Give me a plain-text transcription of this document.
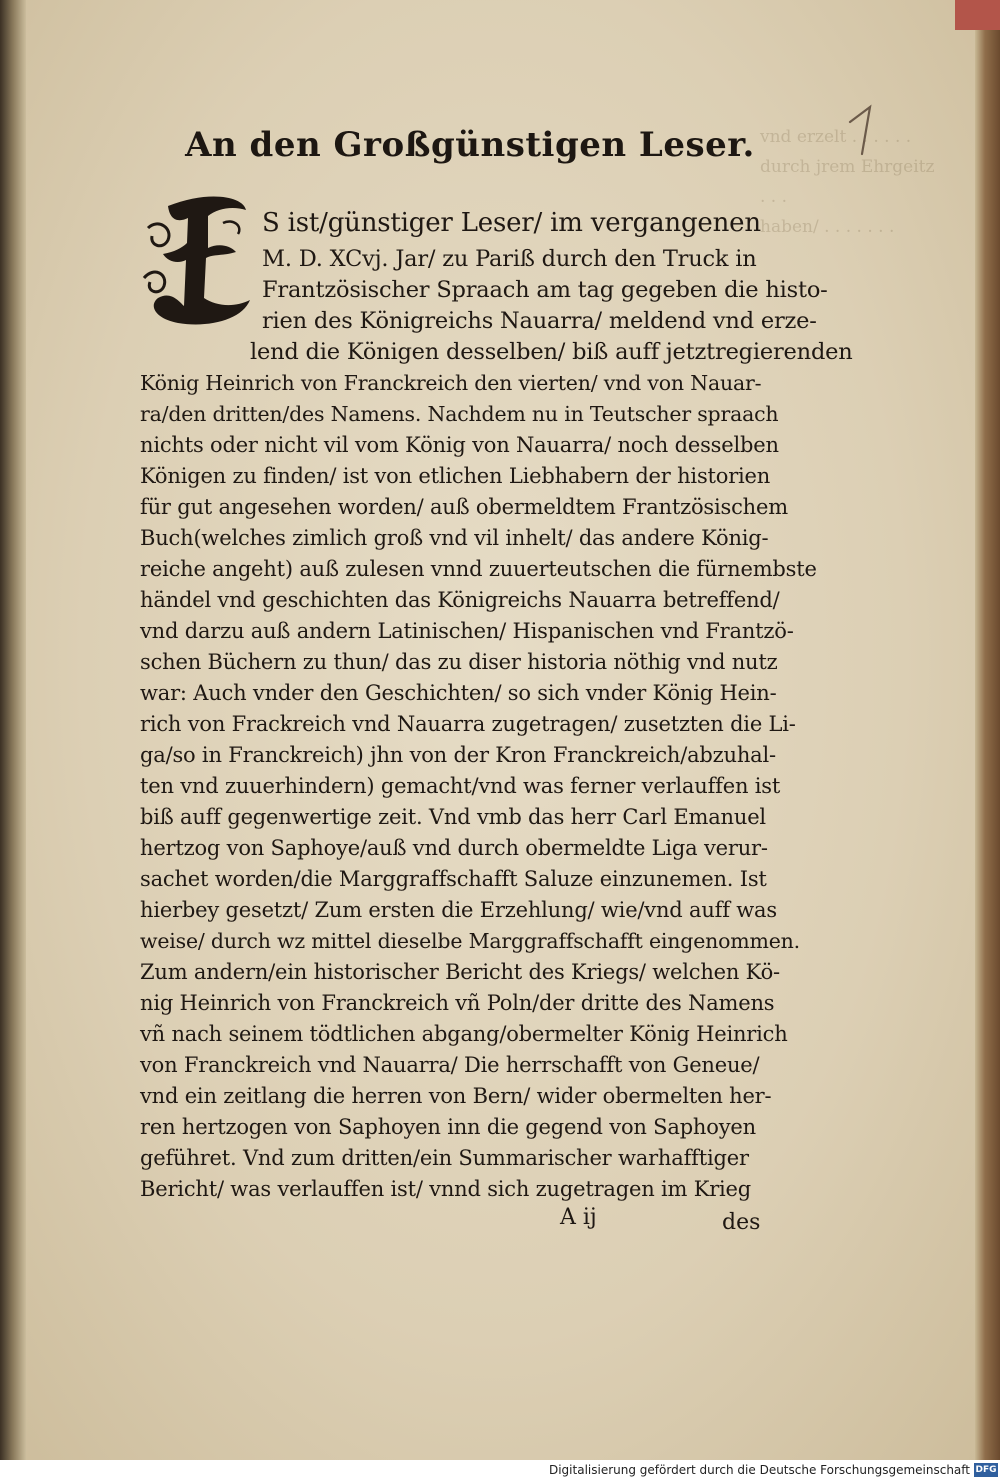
vnd erzelt . . . . . .
durch jrem Ehrgeitz . . .
haben/ . . . . . . .
1
An den Großgünstigen Leser.
E
S ist/günstiger Leser/ im vergangenen
M. D. XCvj. Jar/ zu Pariß durch den Truck in
Frantzösischer Spraach am tag gegeben die histo-
rien des Königreichs Nauarra/ meldend vnd erze-
lend die Königen desselben/ biß auff jetztregierenden
König Heinrich von Franckreich den vierten/ vnd von Nauar-
ra/den dritten/des Namens. Nachdem nu in Teutscher spraach
nichts oder nicht vil vom König von Nauarra/ noch desselben
Königen zu finden/ ist von etlichen Liebhabern der historien
für gut angesehen worden/ auß obermeldtem Frantzösischem
Buch(welches zimlich groß vnd vil inhelt/ das andere König-
reiche angeht) auß zulesen vnnd zuuerteutschen die fürnembste
händel vnd geschichten das Königreichs Nauarra betreffend/
vnd darzu auß andern Latinischen/ Hispanischen vnd Frantzö-
schen Büchern zu thun/ das zu diser historia nöthig vnd nutz
war: Auch vnder den Geschichten/ so sich vnder König Hein-
rich von Frackreich vnd Nauarra zugetragen/ zusetzten die Li-
ga/so in Franckreich) jhn von der Kron Franckreich/abzuhal-
ten vnd zuuerhindern) gemacht/vnd was ferner verlauffen ist
biß auff gegenwertige zeit. Vnd vmb das herr Carl Emanuel
hertzog von Saphoye/auß vnd durch obermeldte Liga verur-
sachet worden/die Marggraffschafft Saluze einzunemen. Ist
hierbey gesetzt/ Zum ersten die Erzehlung/ wie/vnd auff was
weise/ durch wz mittel dieselbe Marggraffschafft eingenommen.
Zum andern/ein historischer Bericht des Kriegs/ welchen Kö-
nig Heinrich von Franckreich vñ Poln/der dritte des Namens
vñ nach seinem tödtlichen abgang/obermelter König Heinrich
von Franckreich vnd Nauarra/ Die herrschafft von Geneue/
vnd ein zeitlang die herren von Bern/ wider obermelten her-
ren hertzogen von Saphoyen inn die gegend von Saphoyen
geführet. Vnd zum dritten/ein Summarischer warhafftiger
Bericht/ was verlauffen ist/ vnnd sich zugetragen im Krieg
A ij	des
Digitalisierung gefördert durch die Deutsche Forschungsgemeinschaft DFG
